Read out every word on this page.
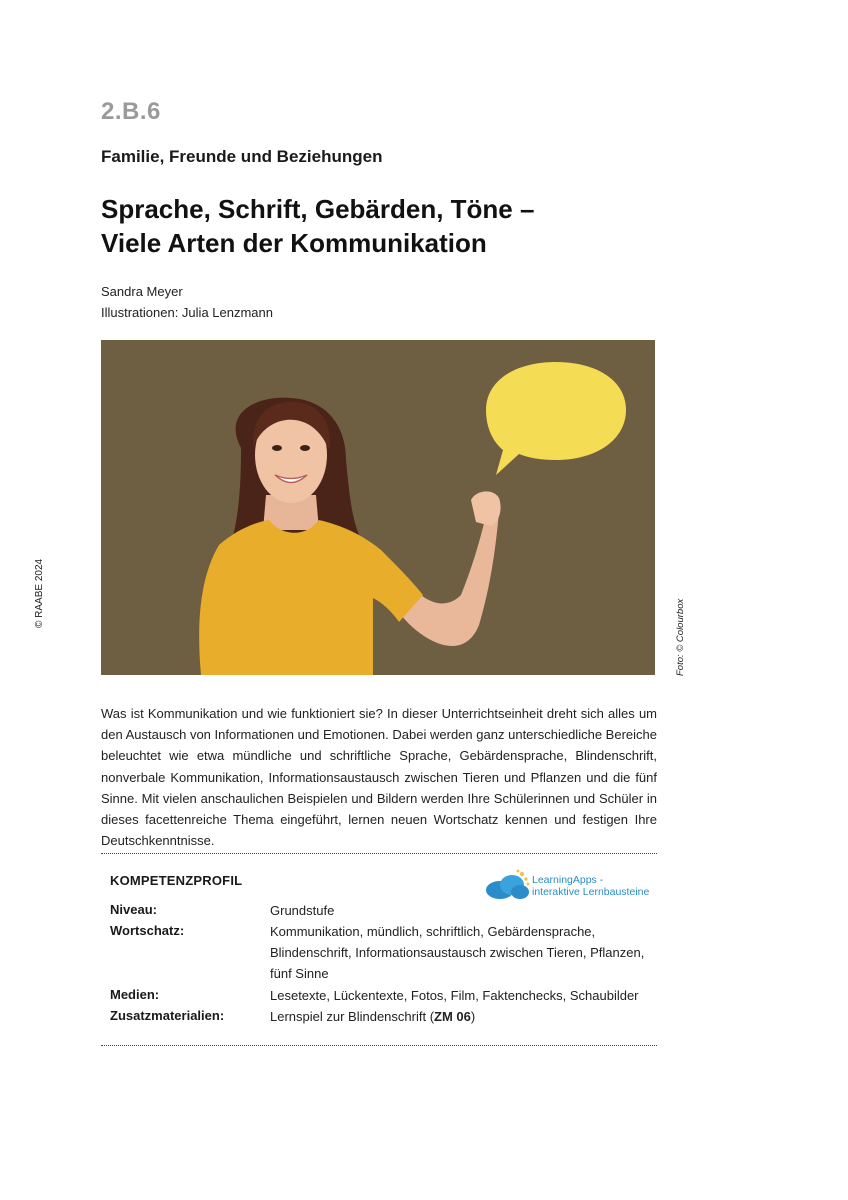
2.B.6
Familie, Freunde und Beziehungen
Sprache, Schrift, Gebärden, Töne –
Viele Arten der Kommunikation
Sandra Meyer
Illustrationen: Julia Lenzmann
© RAABE 2024
Foto: © Colourbox
Was ist Kommunikation und wie funktioniert sie? In dieser Unterrichtseinheit dreht sich alles um den Austausch von Informationen und Emotionen. Dabei werden ganz unterschiedliche Bereiche beleuchtet wie etwa mündliche und schriftliche Sprache, Gebärdensprache, Blindenschrift, nonverbale Kommunikation, Informationsaustausch zwischen Tieren und Pflanzen und die fünf Sinne. Mit vielen anschaulichen Beispielen und Bildern werden Ihre Schülerinnen und Schüler in dieses facettenreiche Thema eingeführt, lernen neuen Wortschatz kennen und festigen Ihre Deutschkenntnisse.
KOMPETENZPROFIL	LearningApps -
interaktive Lernbausteine
Niveau:	Grundstufe
Wortschatz:	Kommunikation, mündlich, schriftlich, Gebärdensprache, Blindenschrift, Informationsaustausch zwischen Tieren, Pflanzen, fünf Sinne
Medien:	Lesetexte, Lückentexte, Fotos, Film, Faktenchecks, Schaubilder
Zusatzmaterialien:	Lernspiel zur Blindenschrift (ZM 06)
